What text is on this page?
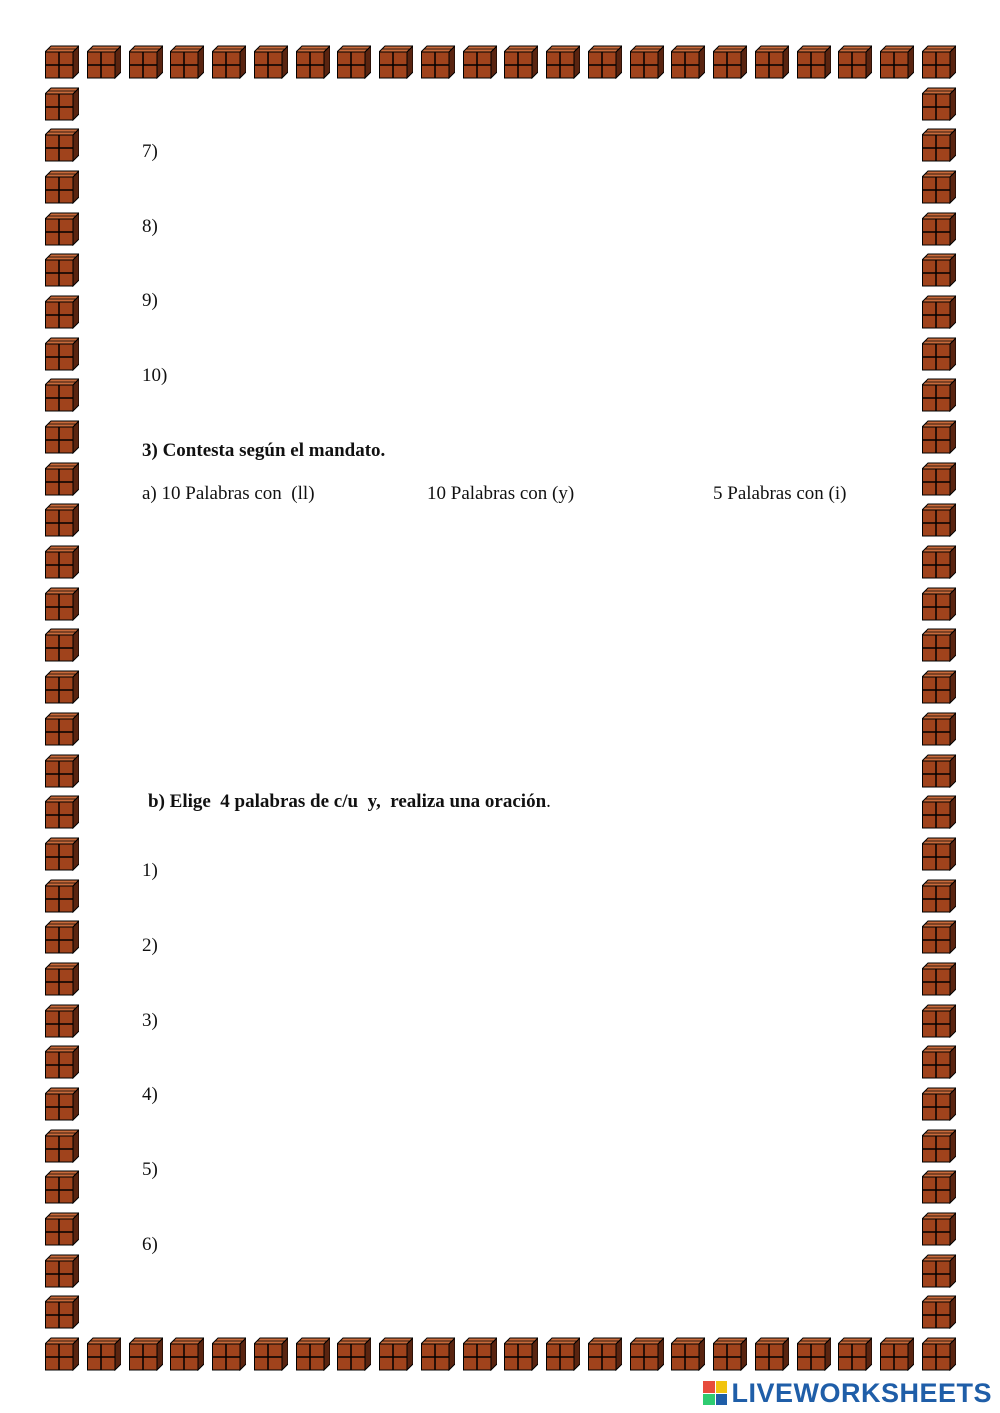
7)
8)
9)
10)
3) Contesta según el mandato.
a) 10 Palabras con  (ll)	10 Palabras con (y)	5 Palabras con (i)
b) Elige  4 palabras de c/u  y,  realiza una oración.
1)
2)
3)
4)
5)
6)
LIVEWORKSHEETS
